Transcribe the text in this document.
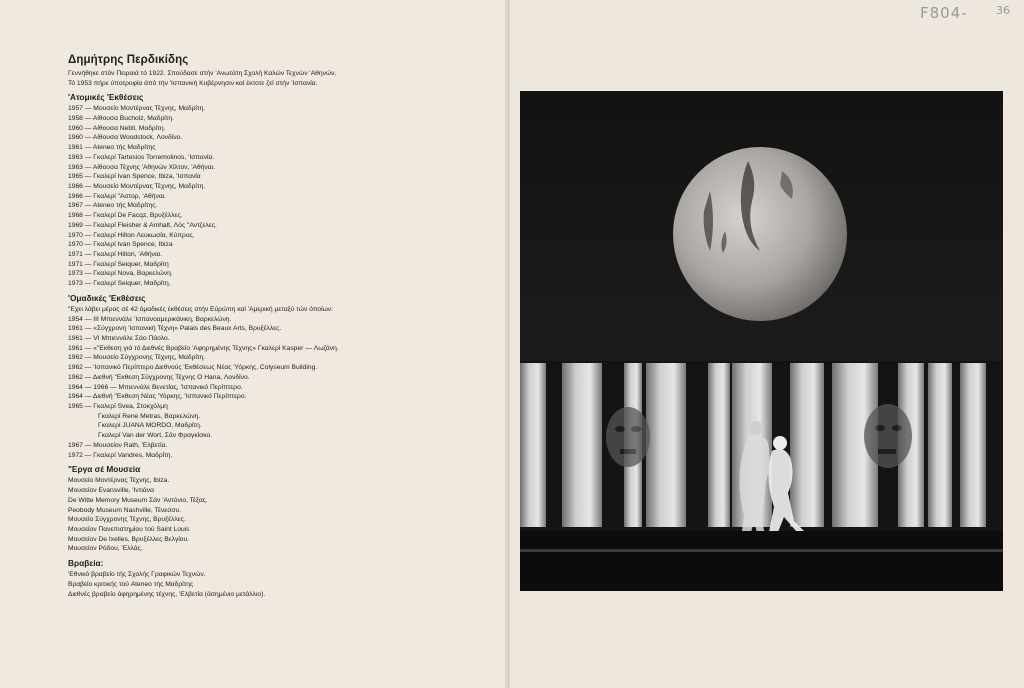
Δημήτρης Περδικίδης

Γεννήθηκε στόν Πειραιά τό 1922. Σπούδασε στήν 'Ανωτάτη Σχολή Καλών Τεχνών 'Αθηνών.

Τό 1953 πήρε ύποτροφία άπό τήν 'Ισπανική Κυβέρνησιν καί έκτοτε ζεί στήν 'Ισπανία.

'Ατομικές 'Εκθέσεις

1957 — Μουσείο Μοντέρνας Τέχνης, Μαδρίτη.

1958 — Αίθουσα Bucholz, Μαδρίτη.

1960 — Αίθουσα Nebli, Μαδρίτη.

1960 — Αίθουσα Woodstock, Λονδίνο.

1961 — Ateneo τής Μαδρίτης

1963 — Γκαλερί Tartesios Torremolinos, 'Ισπανία.

1963 — Αίθουσα Τέχνης 'Αθηνών Χίλτον, 'Αθήναι.

1965 — Γκαλερί Ivan Spence, Ibiza, 'Ισπανία

1966 — Μουσείο Μοντέρνας Τέχνης, Μαδρίτη.

1966 — Γκαλερί "Αστορ, 'Αθήναι.

1967 — Ateneo τής Μαδρίτης.

1968 — Γκαλερί De Facqz, Βρυξέλλες.

1969 — Γκαλερί Fleisher & Amhalt, Λός "Αντζελες.

1970 — Γκαλερί Hilton Λευκωσία, Κύπρος.

1970 — Γκαλερί Ivan Spence, Ibiza

1971 — Γκαλερί Hilton, 'Αθήναι.

1971 — Γκαλερί Seiquer, Μαδρίτη

1973 — Γκαλερί Nova, Βαρκελώνη.

1973 — Γκαλερί Seiquer, Μαδρίτη.

'Ομαδικές 'Εκθέσεις

"Εχει λάβει μέρος σέ 42 όμαδικές έκθέσεις στήν Εύρώπη καί 'Αμερική μεταξύ τών όποίων:

1954 — III Μπιεννάλε 'Ισπανοαμερικάνικη, Βαρκελώνη.

1961 — «Σύγχρονη 'Ισπανική Τέχνη» Palais des Beaux Arts, Βρυξέλλες.

1961 — VI Μπιεννάλε Σάο Πάολο.

1961 — «"Εκθεση γιά τό Διεθνές Βραβείο 'Αφηρημένης Τέχνης» Γκαλερί Kasper — Λωζάνη.

1962 — Μουσείο Σύγχρονης Τέχνης, Μαδρίτη.

1962 — 'Ισπανικό Περίπτερο Διεθνούς 'Εκθέσεως Νέας 'Υόρκης, Colyseum Building.

1962 — Διεθνή "Εκθεση Σύγχρονης Τέχνης Ο Hana, Λονδίνο.

1964 — 1966 — Μπιεννάλε Βενετίας, 'Ισπανικό Περίπτερο.

1964 — Διεθνή "Εκθεση Νέας 'Υόρκης, 'Ισπανικό Περίπτερο.

1965 — Γκαλερί Svea, Στοκχόλμη

Γκαλερί Rene Metras, Βαρκελώνη.

Γκαλερί JUANA MORDO, Μαδρίτη.

Γκαλερί Van der Wort, Σάν Φραγκίσκο.

1967 — Μουσείον Rath, 'Ελβετία.

1972 — Γκαλερί Vandres, Μαδρίτη.

"Εργα σέ Μουσεία

Μουσείο Μοντέρνας Τέχνης, Ibiza.

Μουσείον Evansville, 'Ιντιάνα

De Witte Memory Museum Σάν 'Αντόνιο, Τέξας.

Peobody Museum Nashville, Τένεσσυ.

Μουσείο Σύγχρονης Τέχνης, Βρυξέλλες.

Μουσείον Πανεπιστημίου τού Saint Louis

Μουσείον De Ixelles, Βρυξέλλες Βελγίου.

Μουσείον Ρόδου, 'Ελλάς.

Βραβεία:

'Εθνικό βραβείο τής Σχολής Γραφικών Τεχνών.

Βραβείο κριτικής τού Ateneo τής Μαδρίτης

Διεθνές βραβείο άφηρημένης τέχνης, 'Ελβετία (άσημένιο μετάλλιο).

F804-	36
